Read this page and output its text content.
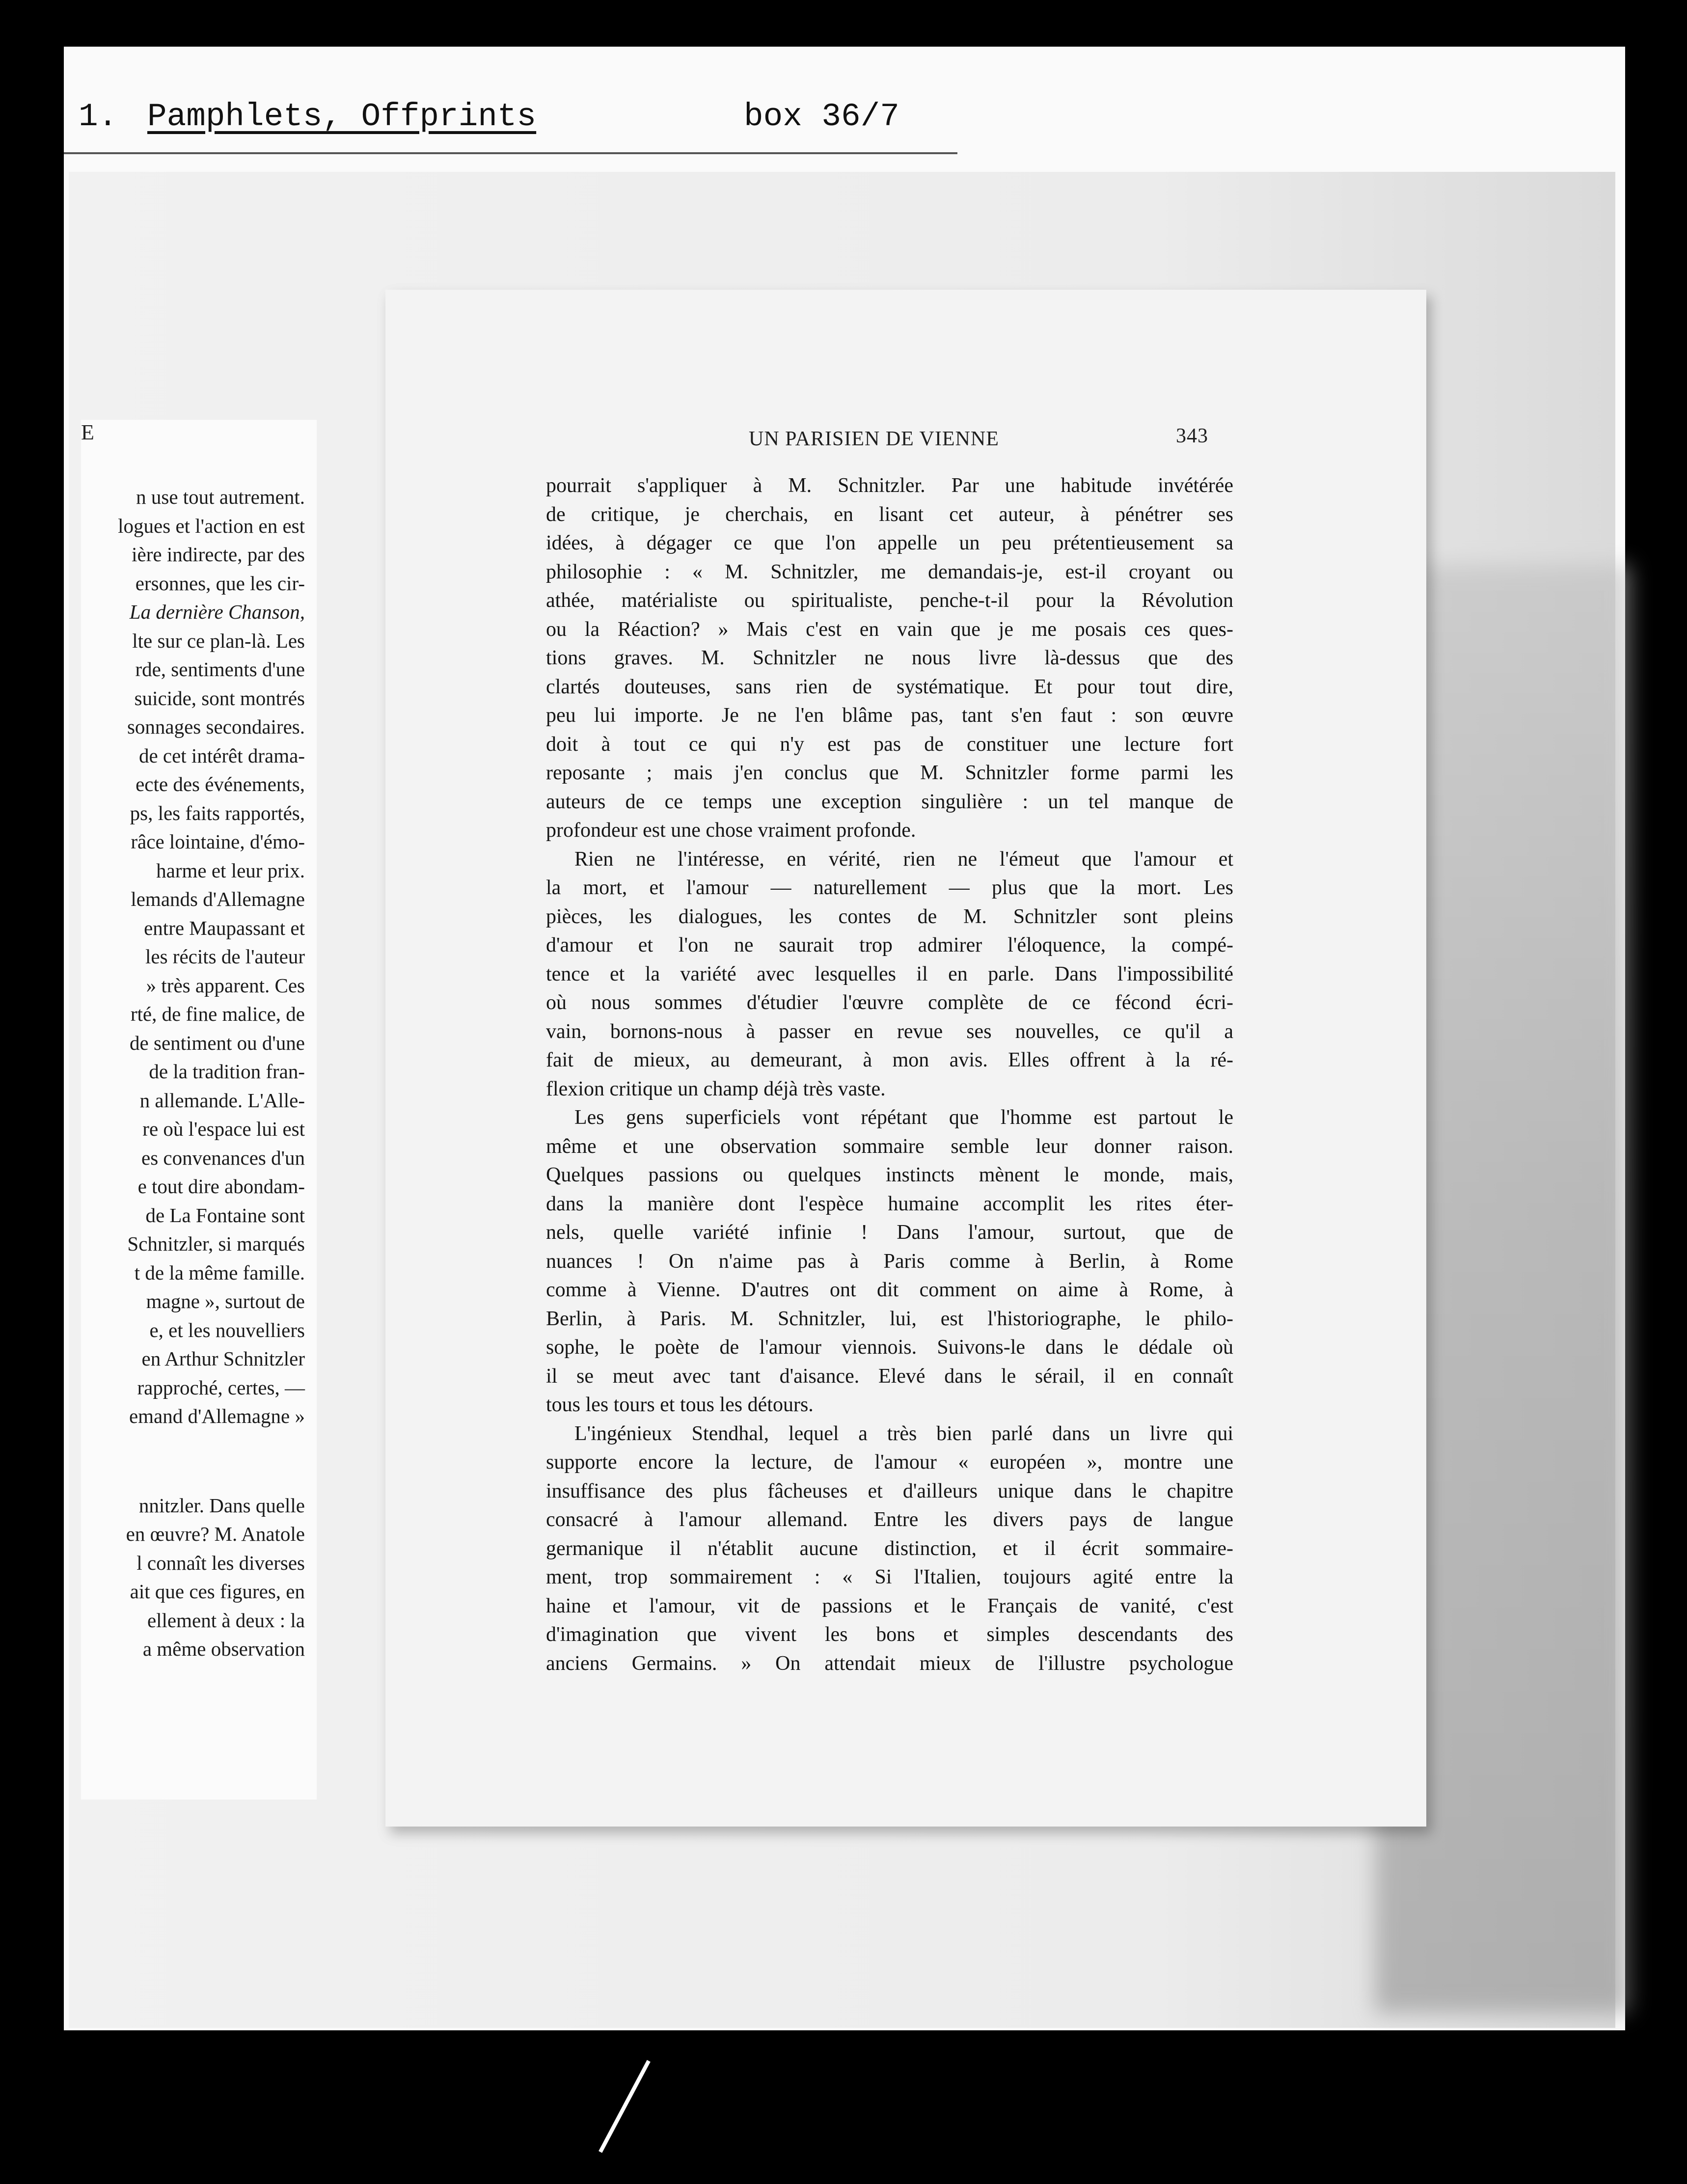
1. Pamphlets, Offprints	box 36/7
E
n use tout autrement.
logues et l'action en est
ière indirecte, par des
ersonnes, que les cir-
La dernière Chanson,
lte sur ce plan-là. Les
rde, sentiments d'une
suicide, sont montrés
sonnages secondaires.
de cet intérêt drama-
ecte des événements,
ps, les faits rapportés,
râce lointaine, d'émo-
harme et leur prix.
lemands d'Allemagne
entre Maupassant et
les récits de l'auteur
» très apparent. Ces
rté, de fine malice, de
de sentiment ou d'une
de la tradition fran-
n allemande. L'Alle-
re où l'espace lui est
es convenances d'un
e tout dire abondam-
de La Fontaine sont
Schnitzler, si marqués
t de la même famille.
magne », surtout de
e, et les nouvelliers
en Arthur Schnitzler
rapproché, certes, —
emand d'Allemagne »
nnitzler. Dans quelle
en œuvre? M. Anatole
l connaît les diverses
ait que ces figures, en
ellement à deux : la
a même observation
UN PARISIEN DE VIENNE	343
pourrait s'appliquer à M. Schnitzler. Par une habitude invétérée
de critique, je cherchais, en lisant cet auteur, à pénétrer ses
idées, à dégager ce que l'on appelle un peu prétentieusement sa
philosophie : « M. Schnitzler, me demandais-je, est-il croyant ou
athée, matérialiste ou spiritualiste, penche-t-il pour la Révolution
ou la Réaction? » Mais c'est en vain que je me posais ces ques-
tions graves. M. Schnitzler ne nous livre là-dessus que des
clartés douteuses, sans rien de systématique. Et pour tout dire,
peu lui importe. Je ne l'en blâme pas, tant s'en faut : son œuvre
doit à tout ce qui n'y est pas de constituer une lecture fort
reposante ; mais j'en conclus que M. Schnitzler forme parmi les
auteurs de ce temps une exception singulière : un tel manque de
profondeur est une chose vraiment profonde.
Rien ne l'intéresse, en vérité, rien ne l'émeut que l'amour et
la mort, et l'amour — naturellement — plus que la mort. Les
pièces, les dialogues, les contes de M. Schnitzler sont pleins
d'amour et l'on ne saurait trop admirer l'éloquence, la compé-
tence et la variété avec lesquelles il en parle. Dans l'impossibilité
où nous sommes d'étudier l'œuvre complète de ce fécond écri-
vain, bornons-nous à passer en revue ses nouvelles, ce qu'il a
fait de mieux, au demeurant, à mon avis. Elles offrent à la ré-
flexion critique un champ déjà très vaste.
Les gens superficiels vont répétant que l'homme est partout le
même et une observation sommaire semble leur donner raison.
Quelques passions ou quelques instincts mènent le monde, mais,
dans la manière dont l'espèce humaine accomplit les rites éter-
nels, quelle variété infinie ! Dans l'amour, surtout, que de
nuances ! On n'aime pas à Paris comme à Berlin, à Rome
comme à Vienne. D'autres ont dit comment on aime à Rome, à
Berlin, à Paris. M. Schnitzler, lui, est l'historiographe, le philo-
sophe, le poète de l'amour viennois. Suivons-le dans le dédale où
il se meut avec tant d'aisance. Elevé dans le sérail, il en connaît
tous les tours et tous les détours.
L'ingénieux Stendhal, lequel a très bien parlé dans un livre qui
supporte encore la lecture, de l'amour « européen », montre une
insuffisance des plus fâcheuses et d'ailleurs unique dans le chapitre
consacré à l'amour allemand. Entre les divers pays de langue
germanique il n'établit aucune distinction, et il écrit sommaire-
ment, trop sommairement : « Si l'Italien, toujours agité entre la
haine et l'amour, vit de passions et le Français de vanité, c'est
d'imagination que vivent les bons et simples descendants des
anciens Germains. » On attendait mieux de l'illustre psychologue
